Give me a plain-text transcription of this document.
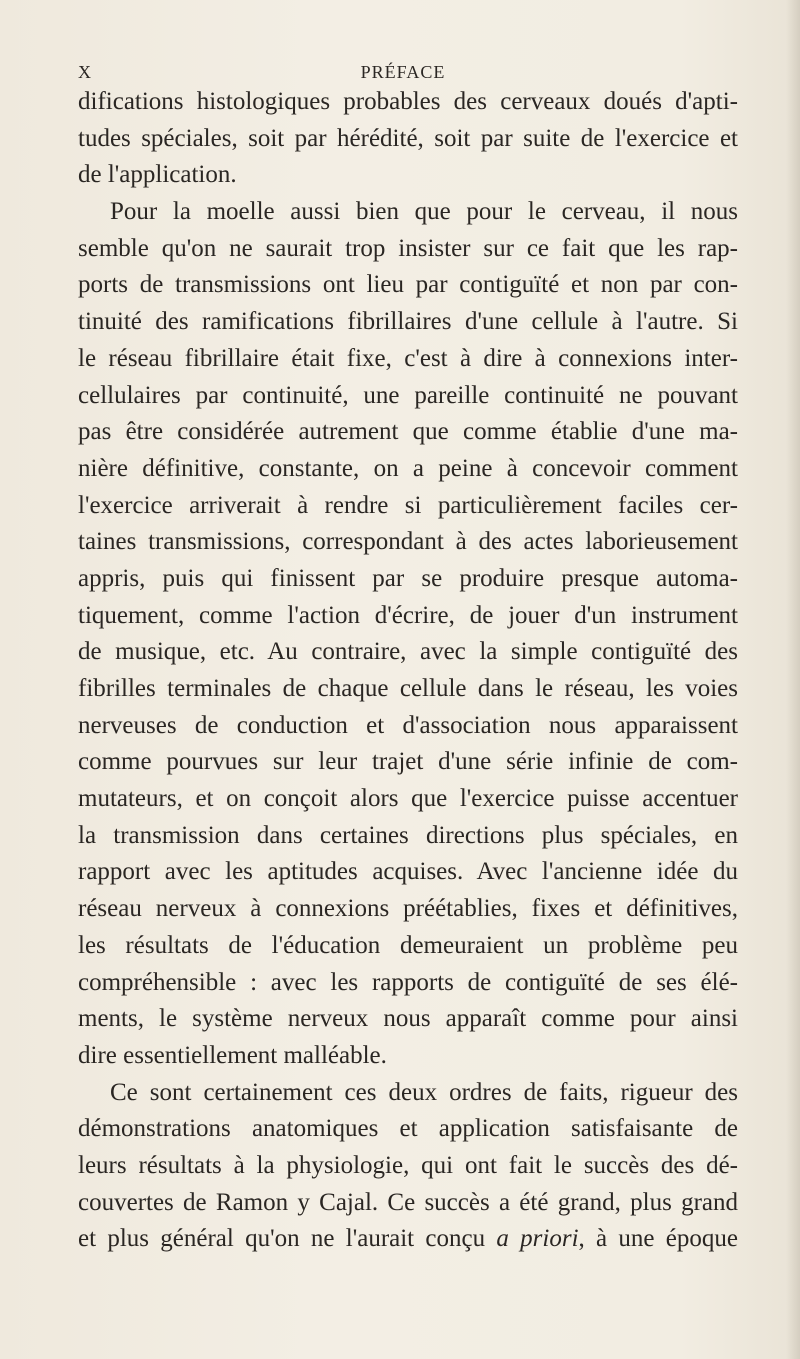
X	PRÉFACE
difications histologiques probables des cerveaux doués d'apti-
tudes spéciales, soit par hérédité, soit par suite de l'exercice et
de l'application.
Pour la moelle aussi bien que pour le cerveau, il nous
semble qu'on ne saurait trop insister sur ce fait que les rap-
ports de transmissions ont lieu par contiguïté et non par con-
tinuité des ramifications fibrillaires d'une cellule à l'autre. Si
le réseau fibrillaire était fixe, c'est à dire à connexions inter-
cellulaires par continuité, une pareille continuité ne pouvant
pas être considérée autrement que comme établie d'une ma-
nière définitive, constante, on a peine à concevoir comment
l'exercice arriverait à rendre si particulièrement faciles cer-
taines transmissions, correspondant à des actes laborieusement
appris, puis qui finissent par se produire presque automa-
tiquement, comme l'action d'écrire, de jouer d'un instrument
de musique, etc. Au contraire, avec la simple contiguïté des
fibrilles terminales de chaque cellule dans le réseau, les voies
nerveuses de conduction et d'association nous apparaissent
comme pourvues sur leur trajet d'une série infinie de com-
mutateurs, et on conçoit alors que l'exercice puisse accentuer
la transmission dans certaines directions plus spéciales, en
rapport avec les aptitudes acquises. Avec l'ancienne idée du
réseau nerveux à connexions préétablies, fixes et définitives,
les résultats de l'éducation demeuraient un problème peu
compréhensible : avec les rapports de contiguïté de ses élé-
ments, le système nerveux nous apparaît comme pour ainsi
dire essentiellement malléable.
Ce sont certainement ces deux ordres de faits, rigueur des
démonstrations anatomiques et application satisfaisante de
leurs résultats à la physiologie, qui ont fait le succès des dé-
couvertes de Ramon y Cajal. Ce succès a été grand, plus grand
et plus général qu'on ne l'aurait conçu a priori, à une époque
